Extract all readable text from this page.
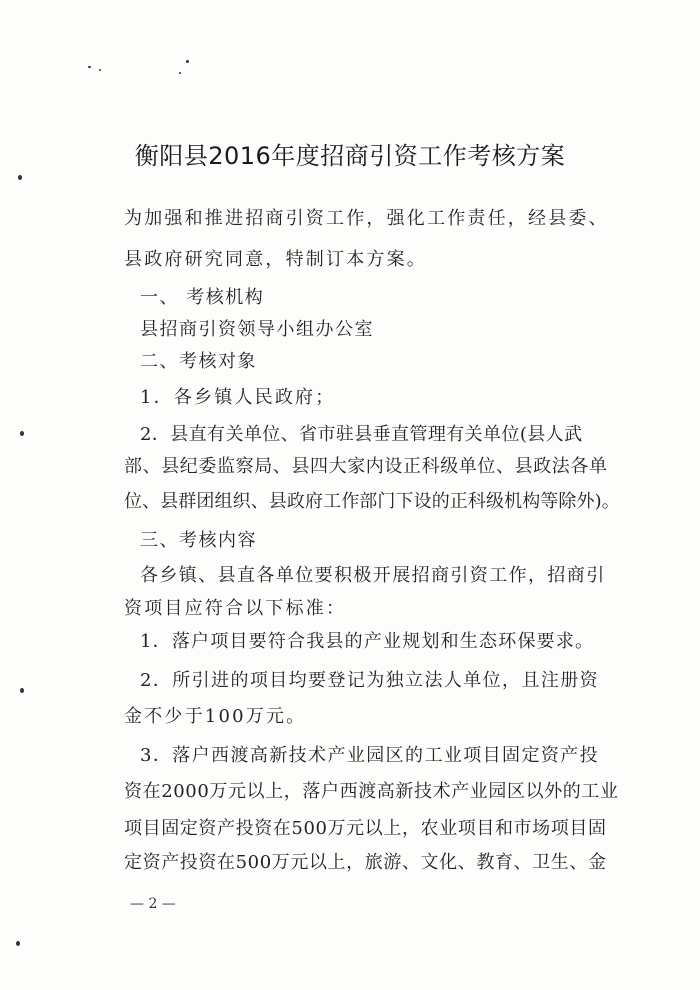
衡阳县2016年度招商引资工作考核方案
为加强和推进招商引资工作，强化工作责任，经县委、
县政府研究同意，特制订本方案。
一、 考核机构
县招商引资领导小组办公室
二、考核对象
1．各乡镇人民政府；
2．县直有关单位、省市驻县垂直管理有关单位(县人武
部、县纪委监察局、县四大家内设正科级单位、县政法各单
位、县群团组织、县政府工作部门下设的正科级机构等除外)。
三、考核内容
各乡镇、县直各单位要积极开展招商引资工作，招商引
资项目应符合以下标准：
1．落户项目要符合我县的产业规划和生态环保要求。
2．所引进的项目均要登记为独立法人单位，且注册资
金不少于100万元。
3．落户西渡高新技术产业园区的工业项目固定资产投
资在2000万元以上，落户西渡高新技术产业园区以外的工业
项目固定资产投资在500万元以上，农业项目和市场项目固
定资产投资在500万元以上，旅游、文化、教育、卫生、金
— 2 —
